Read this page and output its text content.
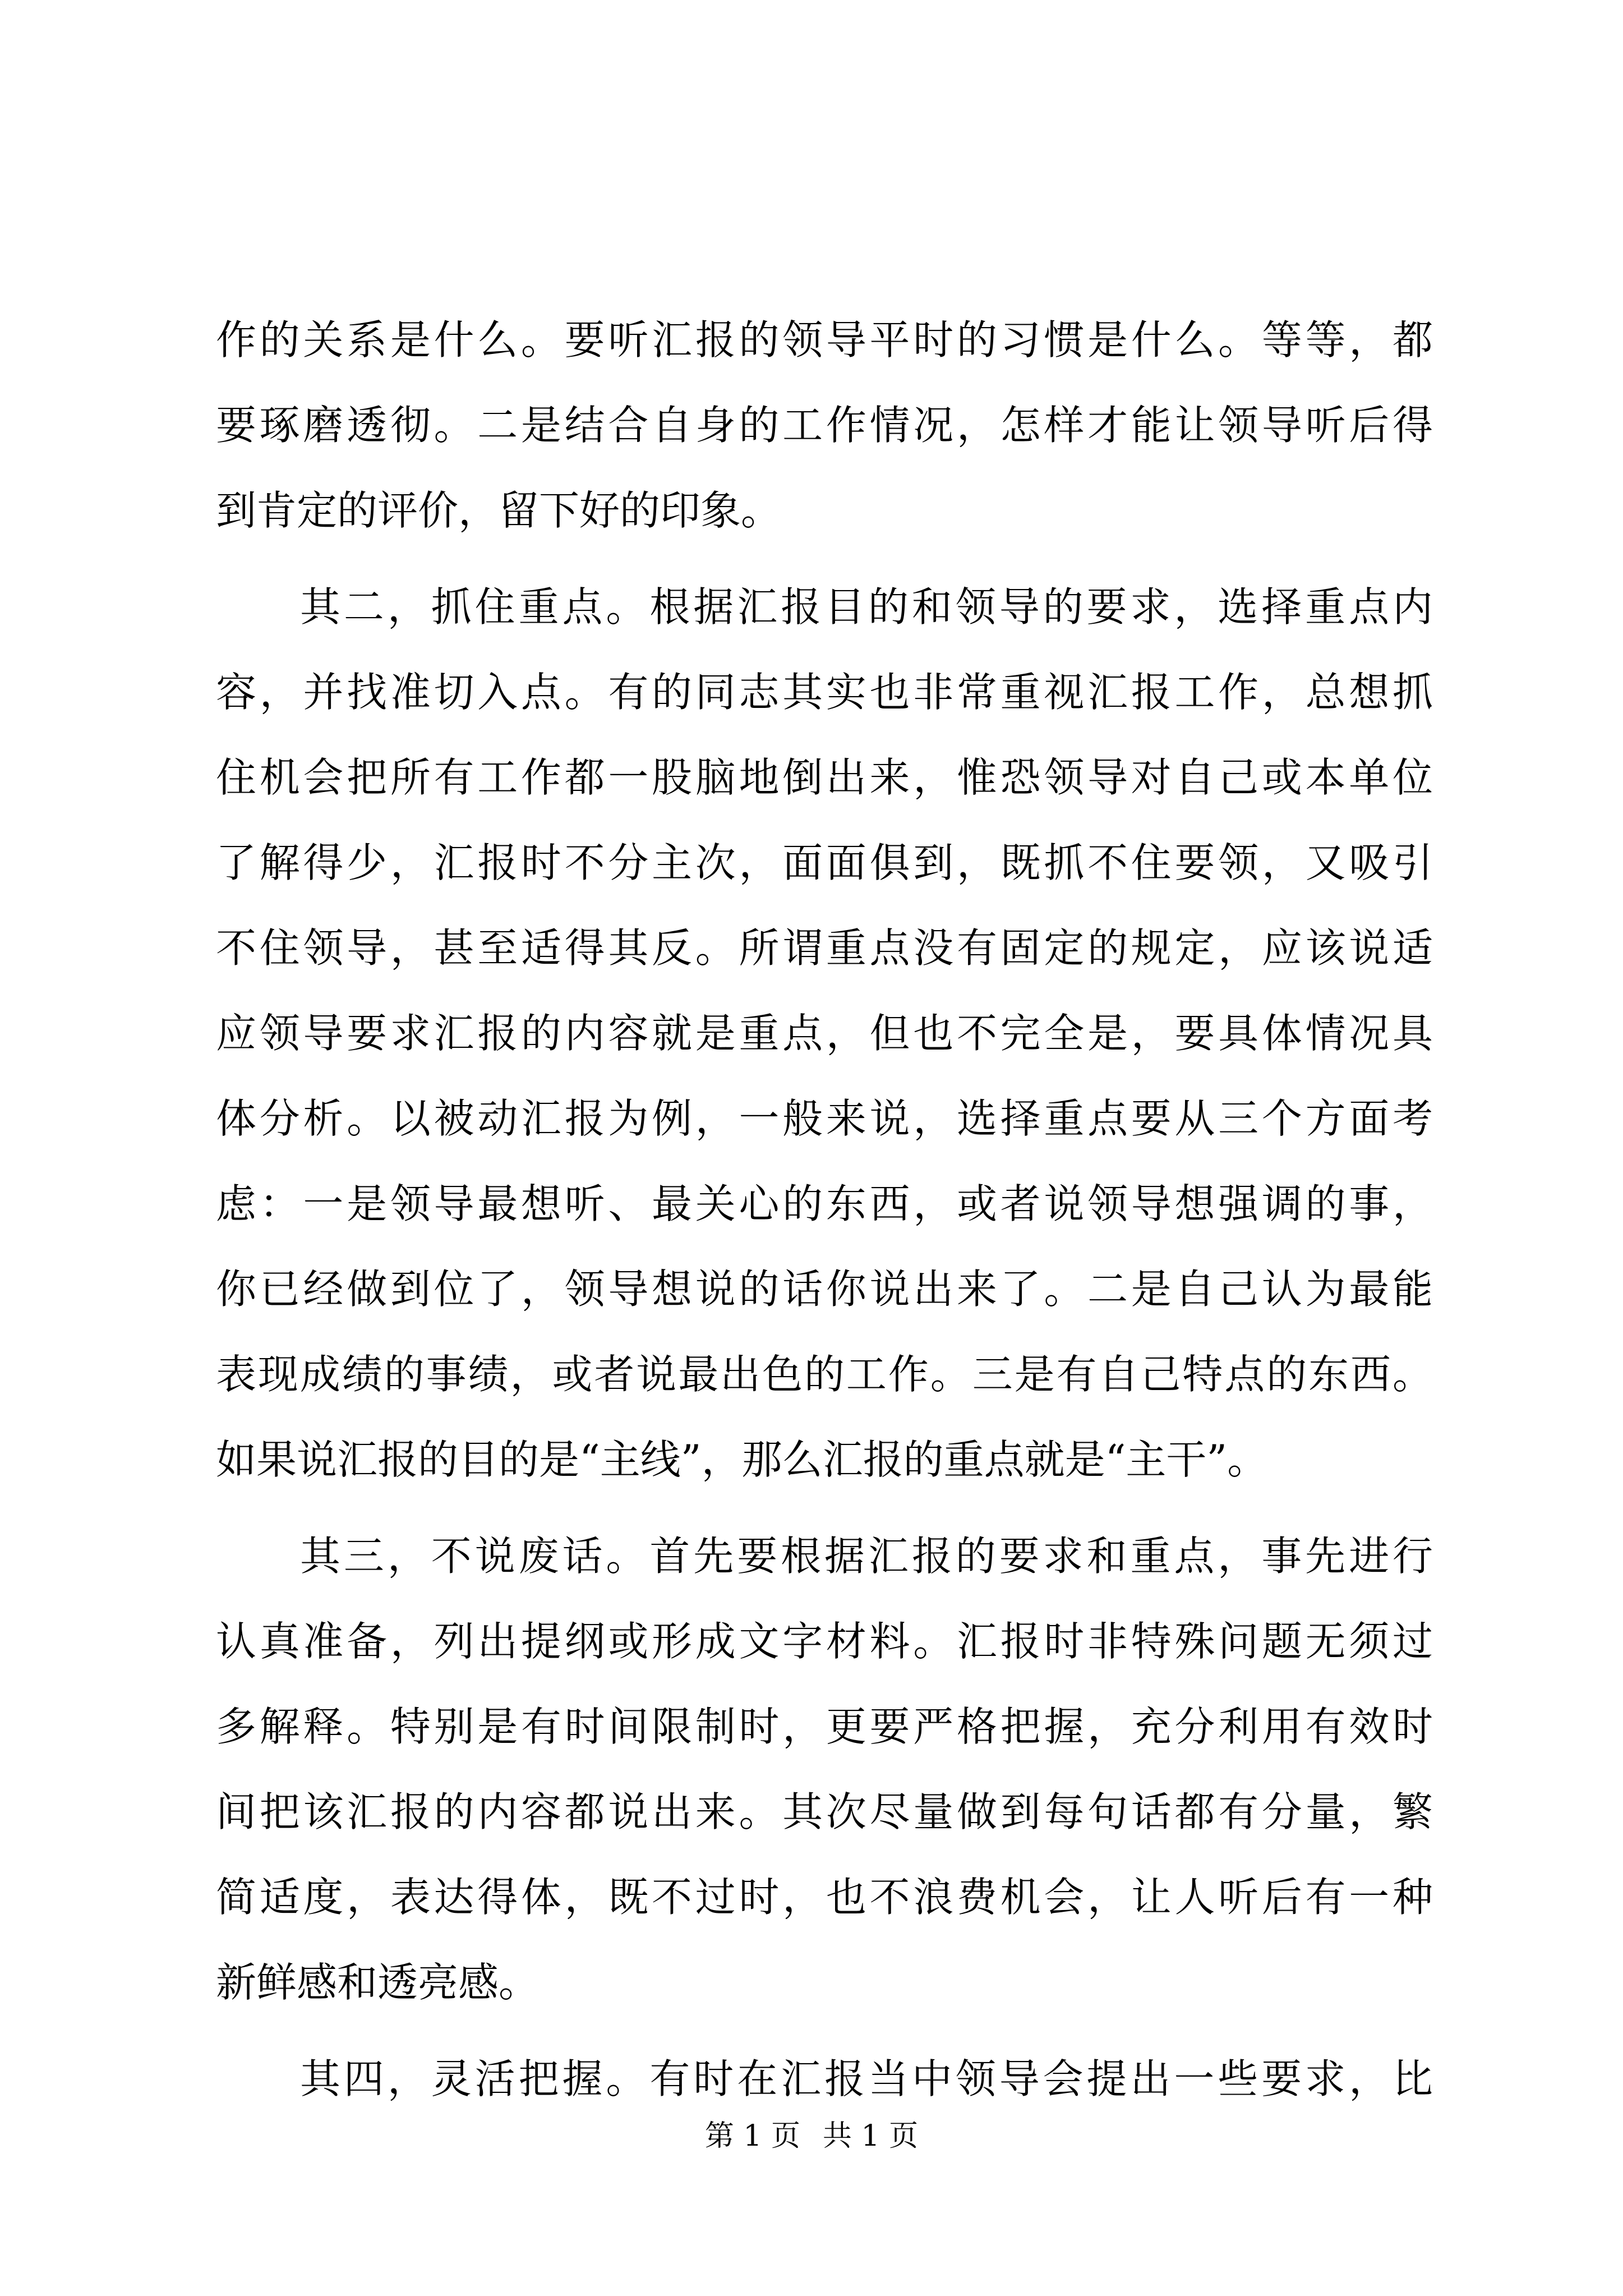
作的关系是什么。要听汇报的领导平时的习惯是什么。等等，都
要琢磨透彻。二是结合自身的工作情况，怎样才能让领导听后得
到肯定的评价，留下好的印象。
其二，抓住重点。根据汇报目的和领导的要求，选择重点内
容，并找准切入点。有的同志其实也非常重视汇报工作，总想抓
住机会把所有工作都一股脑地倒出来，惟恐领导对自己或本单位
了解得少，汇报时不分主次，面面俱到，既抓不住要领，又吸引
不住领导，甚至适得其反。所谓重点没有固定的规定，应该说适
应领导要求汇报的内容就是重点，但也不完全是，要具体情况具
体分析。以被动汇报为例，一般来说，选择重点要从三个方面考
虑：一是领导最想听、最关心的东西，或者说领导想强调的事，
你已经做到位了，领导想说的话你说出来了。二是自己认为最能
表现成绩的事绩，或者说最出色的工作。三是有自己特点的东西。
如果说汇报的目的是“主线”，那么汇报的重点就是“主干”。
其三，不说废话。首先要根据汇报的要求和重点，事先进行
认真准备，列出提纲或形成文字材料。汇报时非特殊问题无须过
多解释。特别是有时间限制时，更要严格把握，充分利用有效时
间把该汇报的内容都说出来。其次尽量做到每句话都有分量，繁
简适度，表达得体，既不过时，也不浪费机会，让人听后有一种
新鲜感和透亮感。
其四，灵活把握。有时在汇报当中领导会提出一些要求，比
第 1 页 共 1 页
